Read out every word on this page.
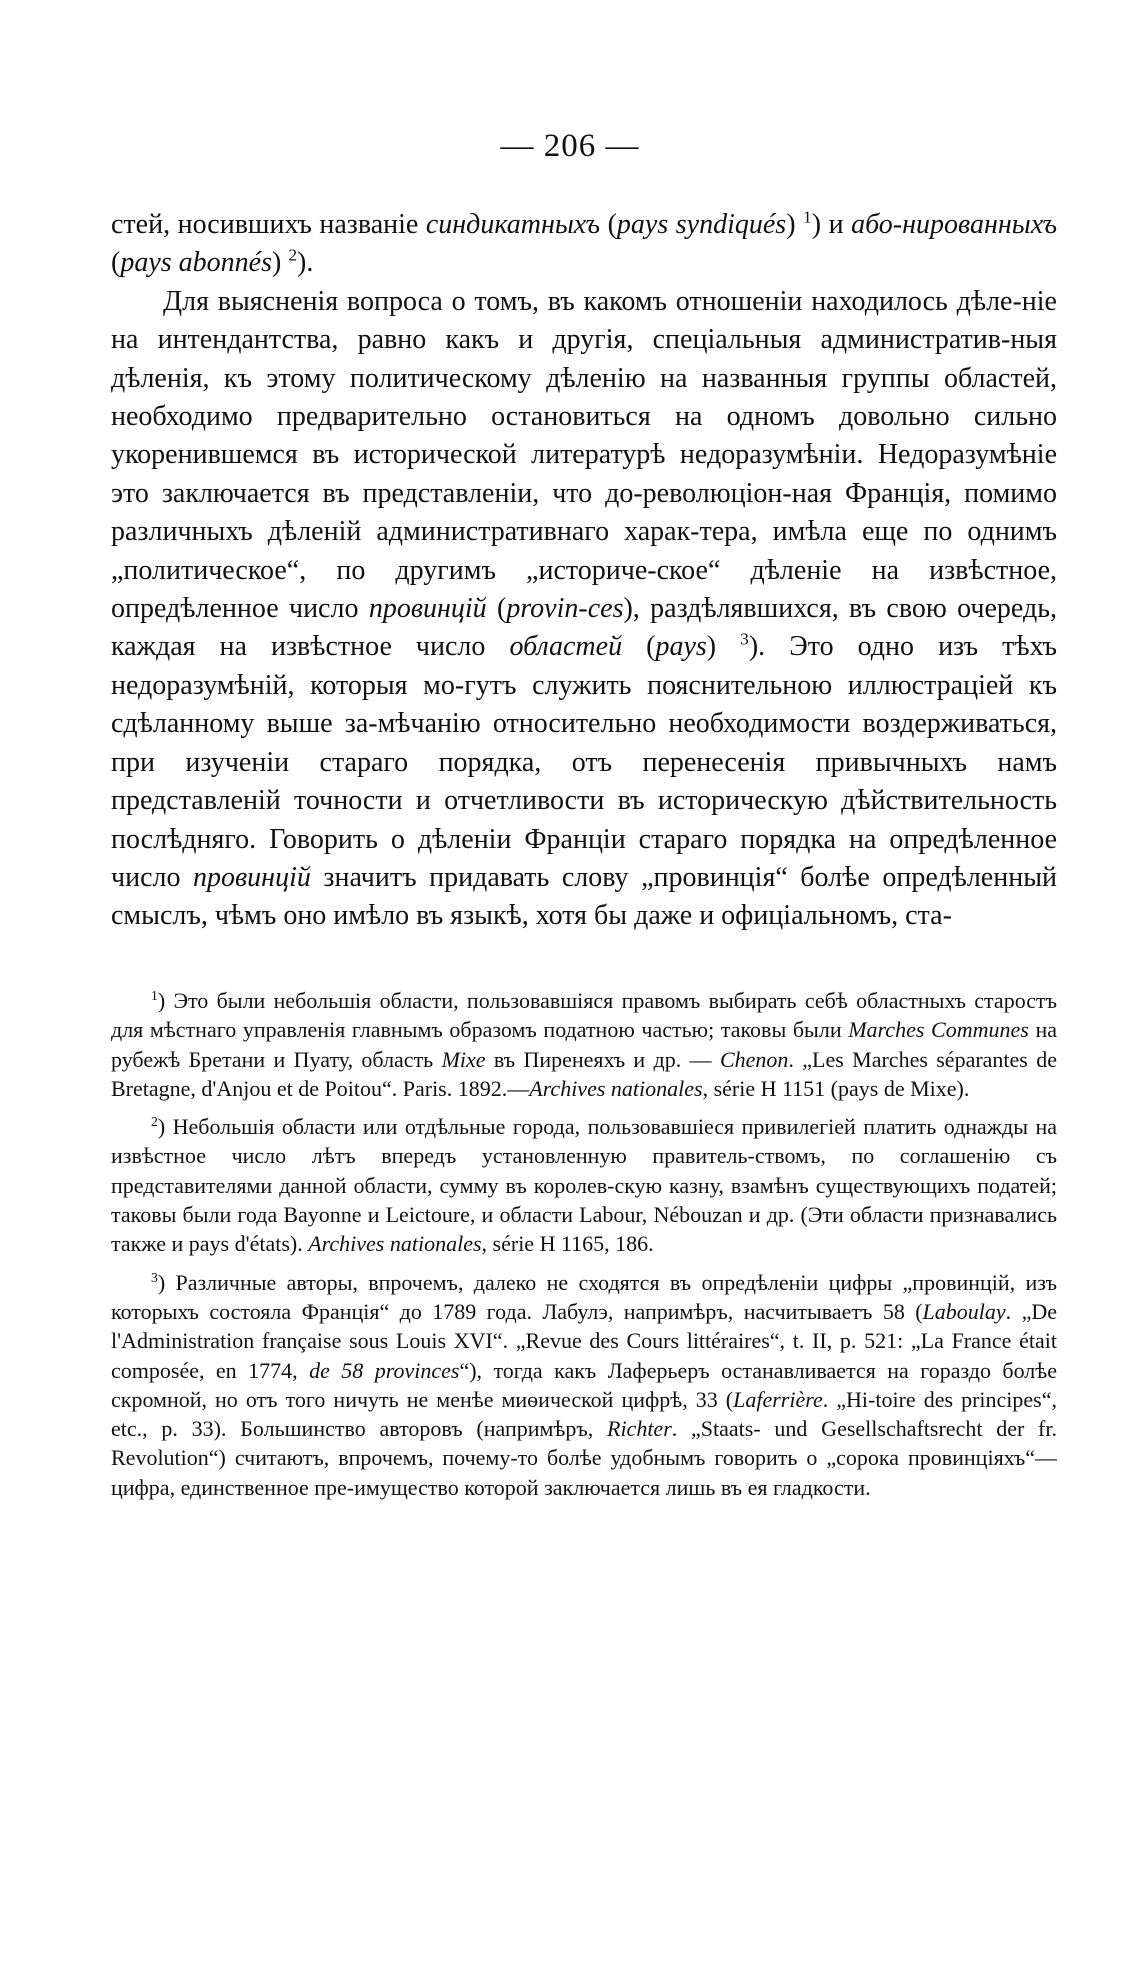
— 206 —

стей, носившихъ названіе синдикатныхъ (pays syndiqués) $^1$) и або-нированныхъ (pays abonnés) $^2$).

Для выясненія вопроса о томъ, въ какомъ отношеніи находилось дѣле-ніе на интендантства, равно какъ и другія, спеціальныя административ-ныя дѣленія, къ этому политическому дѣленію на названныя группы областей, необходимо предварительно остановиться на одномъ довольно сильно укоренившемся въ исторической литературѣ недоразумѣніи. Недоразумѣніе это заключается въ представленіи, что до-революціон-ная Франція, помимо различныхъ дѣленій административнаго харак-тера, имѣла еще по однимъ „политическое“, по другимъ „историче-ское“ дѣленіе на извѣстное, опредѣленное число провинцій (provin-ces), раздѣлявшихся, въ свою очередь, каждая на извѣстное число областей (pays) $^3$). Это одно изъ тѣхъ недоразумѣній, которыя мо-гутъ служить пояснительною иллюстраціей къ сдѣланному выше за-мѣчанію относительно необходимости воздерживаться, при изученіи стараго порядка, отъ перенесенія привычныхъ намъ представленій точности и отчетливости въ историческую дѣйствительность послѣдняго. Говорить о дѣленіи Франціи стараго порядка на опредѣленное число провинцій значитъ придавать слову „провинція“ болѣе опредѣленный смыслъ, чѣмъ оно имѣло въ языкѣ, хотя бы даже и офиціальномъ, ста-

$^1$) Это были небольшія области, пользовавшіяся правомъ выбирать себѣ областныхъ старостъ для мѣстнаго управленія главнымъ образомъ податною частью; таковы были Marches Communes на рубежѣ Бретани и Пуату, область Mixe въ Пиренеяхъ и др. — Chenon. „Les Marches séparantes de Bretagne, d'Anjou et de Poitou“. Paris. 1892.—Archives nationales, série H 1151 (pays de Mixe).

$^2$) Небольшія области или отдѣльные города, пользовавшіеся привилегіей платить однажды на извѣстное число лѣтъ впередъ установленную правитель-ствомъ, по соглашенію съ представителями данной области, сумму въ королев-скую казну, взамѣнъ существующихъ податей; таковы были года Bayonne и Leictoure, и области Labour, Nébouzan и др. (Эти области признавались также и pays d'états). Archives nationales, série H 1165, 186.

$^3$) Различные авторы, впрочемъ, далеко не сходятся въ опредѣленіи цифры „провинцій, изъ которыхъ состояла Франція“ до 1789 года. Лабулэ, напримѣръ, насчитываетъ 58 (Laboulay. „De l'Administration française sous Louis XVI“. „Revue des Cours littéraires“, t. II, p. 521: „La France était composée, en 1774, de 58 provinces“), тогда какъ Лаферьеръ останавливается на гораздо болѣе скромной, но отъ того ничуть не менѣе миѳической цифрѣ, 33 (Laferrière. „Hi-toire des principes“, etc., p. 33). Большинство авторовъ (напримѣръ, Richter. „Staats- und Gesellschaftsrecht der fr. Revolution“) считаютъ, впрочемъ, почему-то болѣе удобнымъ говорить о „сорока провинціяхъ“—цифра, единственное пре-имущество которой заключается лишь въ ея гладкости.
